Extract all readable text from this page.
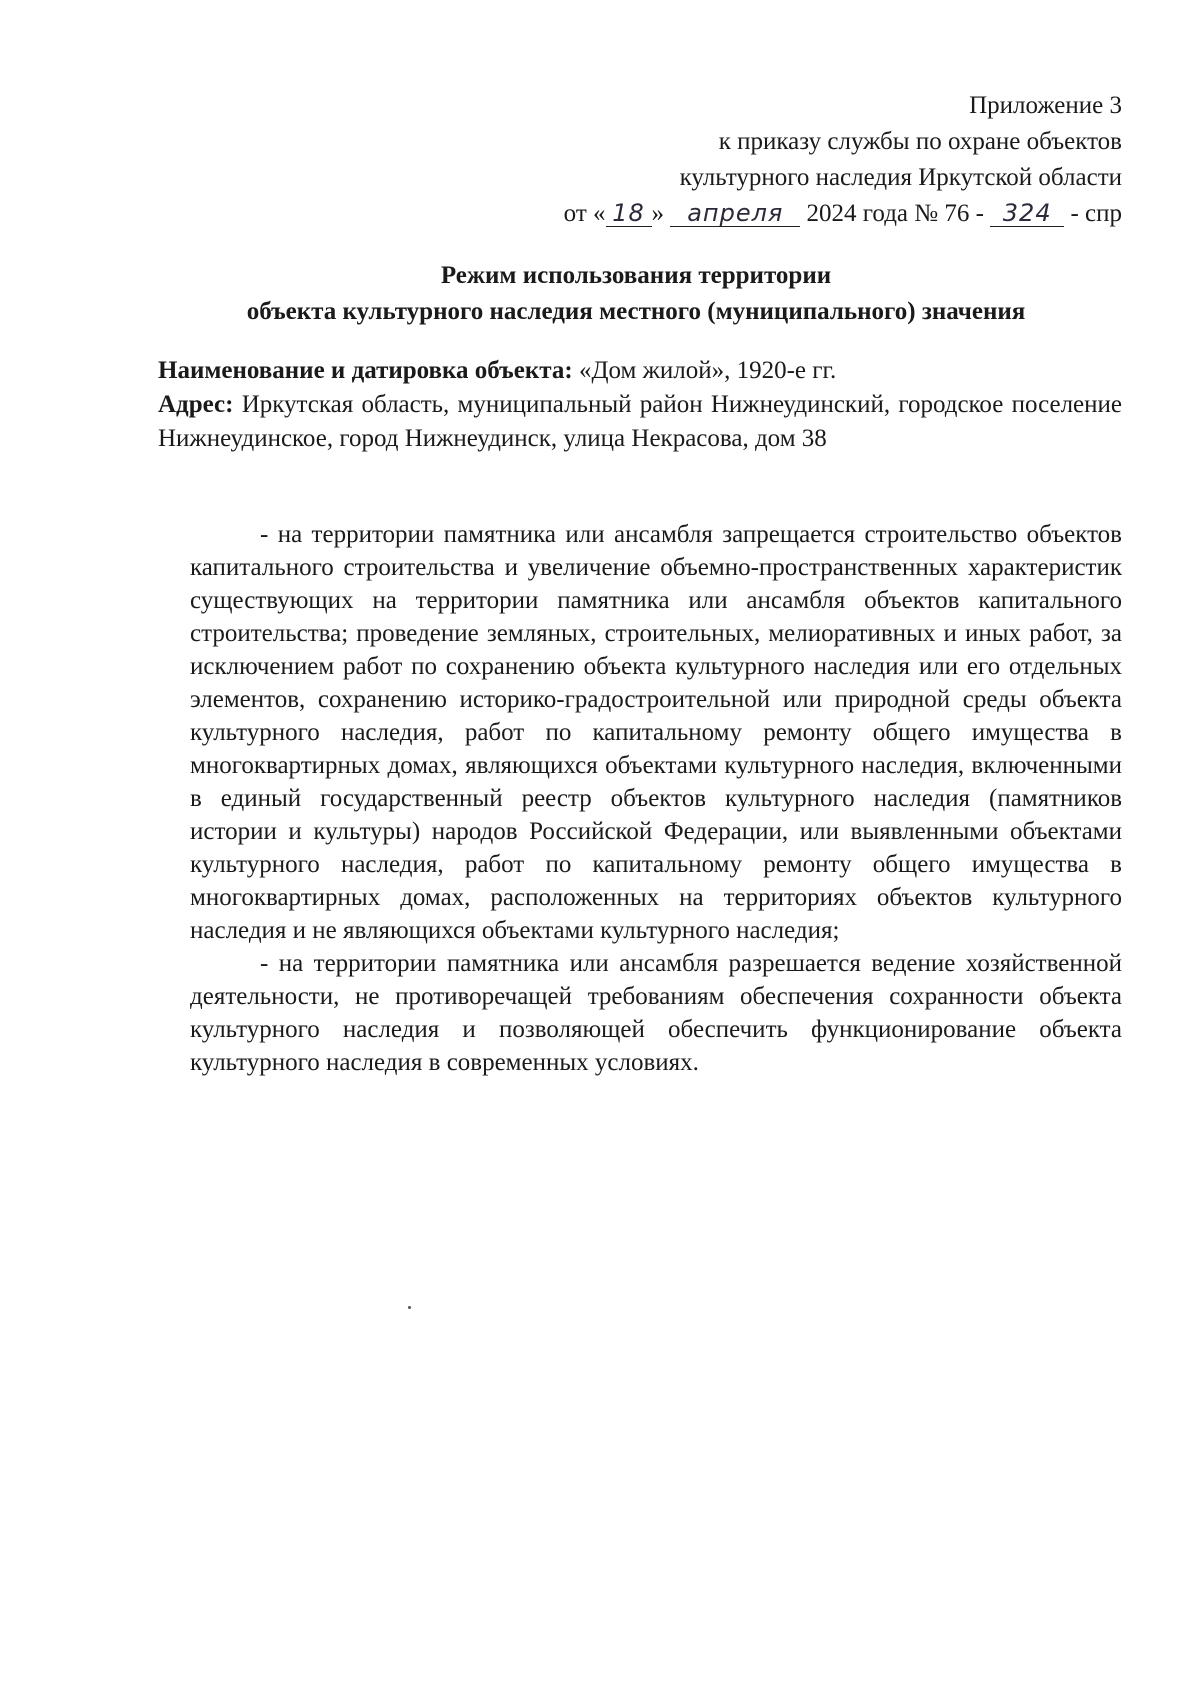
Приложение 3
к приказу службы по охране объектов
культурного наследия Иркутской области
от « 18 » апреля 2024 года № 76 - 324 - спр
Режим использования территории
объекта культурного наследия местного (муниципального) значения
Наименование и датировка объекта: «Дом жилой», 1920-е гг.
Адрес: Иркутская область, муниципальный район Нижнеудинский, городское поселение Нижнеудинское, город Нижнеудинск, улица Некрасова, дом 38

- на территории памятника или ансамбля запрещается строительство объектов капитального строительства и увеличение объемно-пространственных характеристик существующих на территории памятника или ансамбля объектов капитального строительства; проведение земляных, строительных, мелиоративных и иных работ, за исключением работ по сохранению объекта культурного наследия или его отдельных элементов, сохранению историко-градостроительной или природной среды объекта культурного наследия, работ по капитальному ремонту общего имущества в многоквартирных домах, являющихся объектами культурного наследия, включенными в единый государственный реестр объектов культурного наследия (памятников истории и культуры) народов Российской Федерации, или выявленными объектами культурного наследия, работ по капитальному ремонту общего имущества в многоквартирных домах, расположенных на территориях объектов культурного наследия и не являющихся объектами культурного наследия;

- на территории памятника или ансамбля разрешается ведение хозяйственной деятельности, не противоречащей требованиям обеспечения сохранности объекта культурного наследия и позволяющей обеспечить функционирование объекта культурного наследия в современных условиях.
